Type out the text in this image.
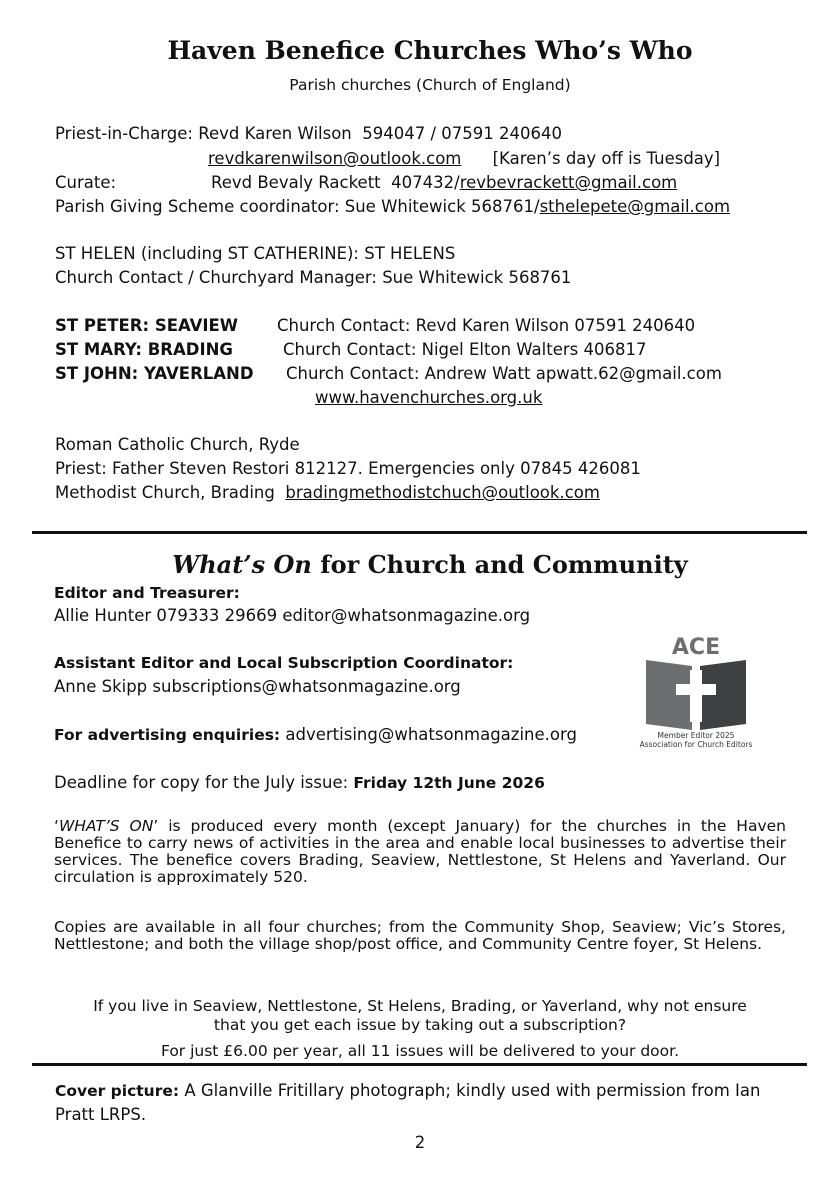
Haven Benefice Churches Who’s Who
Parish churches (Church of England)
Priest-in-Charge: Revd Karen Wilson 594047 / 07591 240640
revdkarenwilson@outlook.com [Karen’s day off is Tuesday]
Curate:	Revd Bevaly Rackett 407432/revbevrackett@gmail.com
Parish Giving Scheme coordinator: Sue Whitewick 568761/sthelepete@gmail.com
ST HELEN (including ST CATHERINE): ST HELENS
Church Contact / Churchyard Manager: Sue Whitewick 568761
ST PETER: SEAVIEW Church Contact: Revd Karen Wilson 07591 240640
ST MARY: BRADING	Church Contact: Nigel Elton Walters 406817
ST JOHN: YAVERLAND Church Contact: Andrew Watt apwatt.62@gmail.com
www.havenchurches.org.uk
Roman Catholic Church, Ryde
Priest: Father Steven Restori 812127. Emergencies only 07845 426081
Methodist Church, Brading bradingmethodistchuch@outlook.com
What’s On for Church and Community
Editor and Treasurer:
Allie Hunter 079333 29669 editor@whatsonmagazine.org
Assistant Editor and Local Subscription Coordinator:
Anne Skipp subscriptions@whatsonmagazine.org
For advertising enquiries: advertising@whatsonmagazine.org
Deadline for copy for the July issue: Friday 12th June 2026
‘WHAT’S ON’ is produced every month (except January) for the churches in the Haven Benefice to carry news of activities in the area and enable local businesses to advertise their services. The benefice covers Brading, Seaview, Nettlestone, St Helens and Yaverland. Our circulation is approximately 520.
Copies are available in all four churches; from the Community Shop, Seaview; Vic’s Stores, Nettlestone; and both the village shop/post office, and Community Centre foyer, St Helens.
If you live in Seaview, Nettlestone, St Helens, Brading, or Yaverland, why not ensure
that you get each issue by taking out a subscription?
For just £6.00 per year, all 11 issues will be delivered to your door.
Cover picture: A Glanville Fritillary photograph; kindly used with permission from Ian Pratt LRPS.
2
ACE
Member Editor 2025
Association for Church Editors
